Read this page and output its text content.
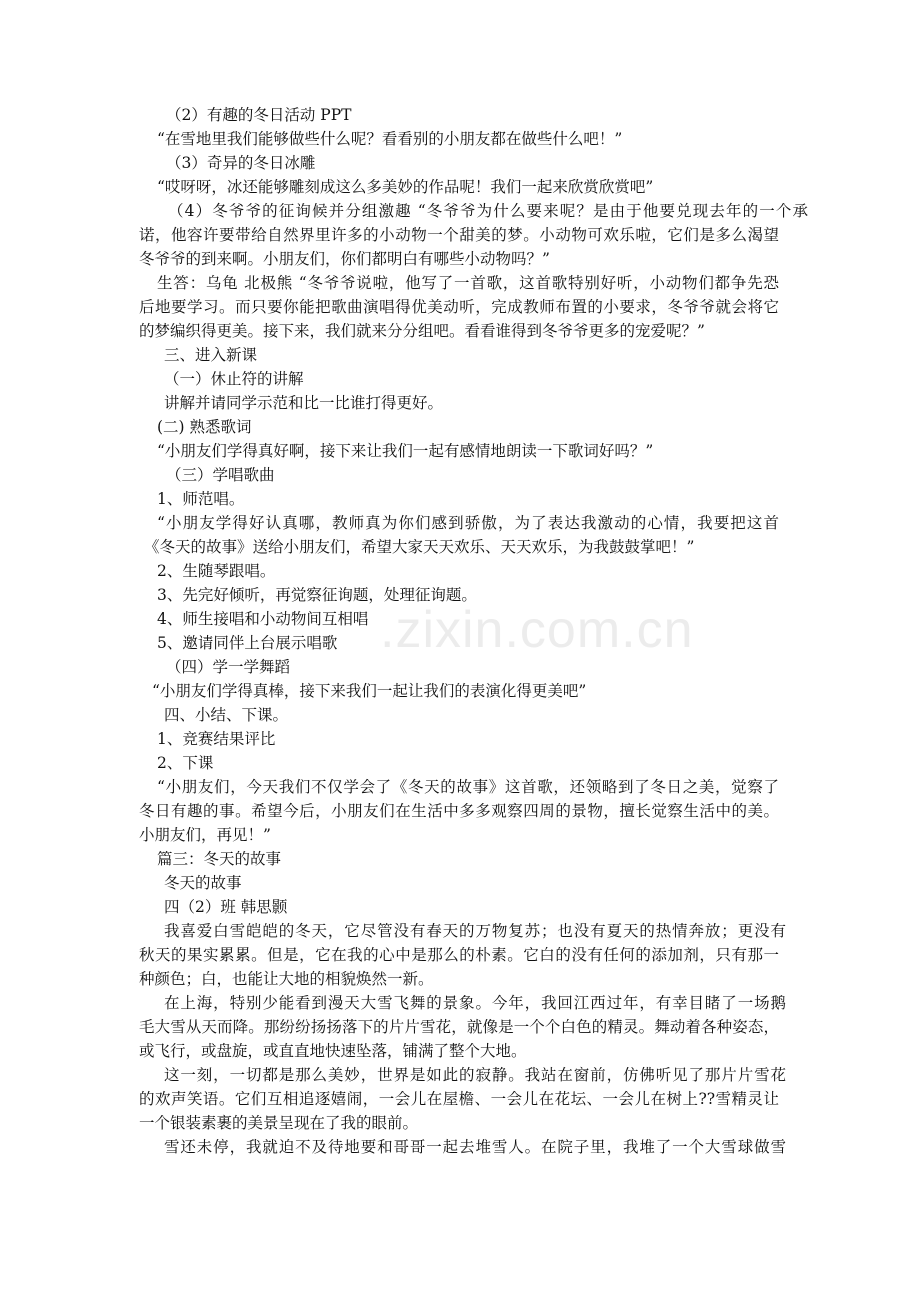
.zixin.com.cn
（2）有趣的冬日活动 PPT
“在雪地里我们能够做些什么呢？看看别的小朋友都在做些什么吧！”
（3）奇异的冬日冰雕
“哎呀呀，冰还能够雕刻成这么多美妙的作品呢！我们一起来欣赏欣赏吧”
（4）冬爷爷的征询候并分组激趣 “冬爷爷为什么要来呢？是由于他要兑现去年的一个承
诺，他容许要带给自然界里许多的小动物一个甜美的梦。小动物可欢乐啦，它们是多么渴望
冬爷爷的到来啊。小朋友们，你们都明白有哪些小动物吗？”
生答：乌龟 北极熊 “冬爷爷说啦，他写了一首歌，这首歌特别好听，小动物们都争先恐
后地要学习。而只要你能把歌曲演唱得优美动听，完成教师布置的小要求，冬爷爷就会将它
的梦编织得更美。接下来，我们就来分分组吧。看看谁得到冬爷爷更多的宠爱呢？”
三、进入新课
（一）休止符的讲解
讲解并请同学示范和比一比谁打得更好。
(二) 熟悉歌词
“小朋友们学得真好啊，接下来让我们一起有感情地朗读一下歌词好吗？”
（三）学唱歌曲
1、师范唱。
“小朋友学得好认真哪，教师真为你们感到骄傲，为了表达我激动的心情，我要把这首
《冬天的故事》送给小朋友们，希望大家天天欢乐、天天欢乐，为我鼓鼓掌吧！”
2、生随琴跟唱。
3、先完好倾听，再觉察征询题，处理征询题。
4、师生接唱和小动物间互相唱
5、邀请同伴上台展示唱歌
（四）学一学舞蹈
“小朋友们学得真棒，接下来我们一起让我们的表演化得更美吧”
四、小结、下课。
1、竞赛结果评比
2、下课
“小朋友们，今天我们不仅学会了《冬天的故事》这首歌，还领略到了冬日之美，觉察了
冬日有趣的事。希望今后，小朋友们在生活中多多观察四周的景物，擅长觉察生活中的美。
小朋友们，再见！”
篇三：冬天的故事
冬天的故事
四（2）班 韩思颢
我喜爱白雪皑皑的冬天，它尽管没有春天的万物复苏；也没有夏天的热情奔放；更没有
秋天的果实累累。但是，它在我的心中是那么的朴素。它白的没有任何的添加剂，只有那一
种颜色；白，也能让大地的相貌焕然一新。
在上海，特别少能看到漫天大雪飞舞的景象。今年，我回江西过年，有幸目睹了一场鹅
毛大雪从天而降。那纷纷扬扬落下的片片雪花，就像是一个个白色的精灵。舞动着各种姿态，
或飞行，或盘旋，或直直地快速坠落，铺满了整个大地。
这一刻，一切都是那么美妙，世界是如此的寂静。我站在窗前，仿佛听见了那片片雪花
的欢声笑语。它们互相追逐嬉闹，一会儿在屋檐、一会儿在花坛、一会儿在树上??雪精灵让
一个银装素裹的美景呈现在了我的眼前。
雪还未停，我就迫不及待地要和哥哥一起去堆雪人。在院子里，我堆了一个大雪球做雪
